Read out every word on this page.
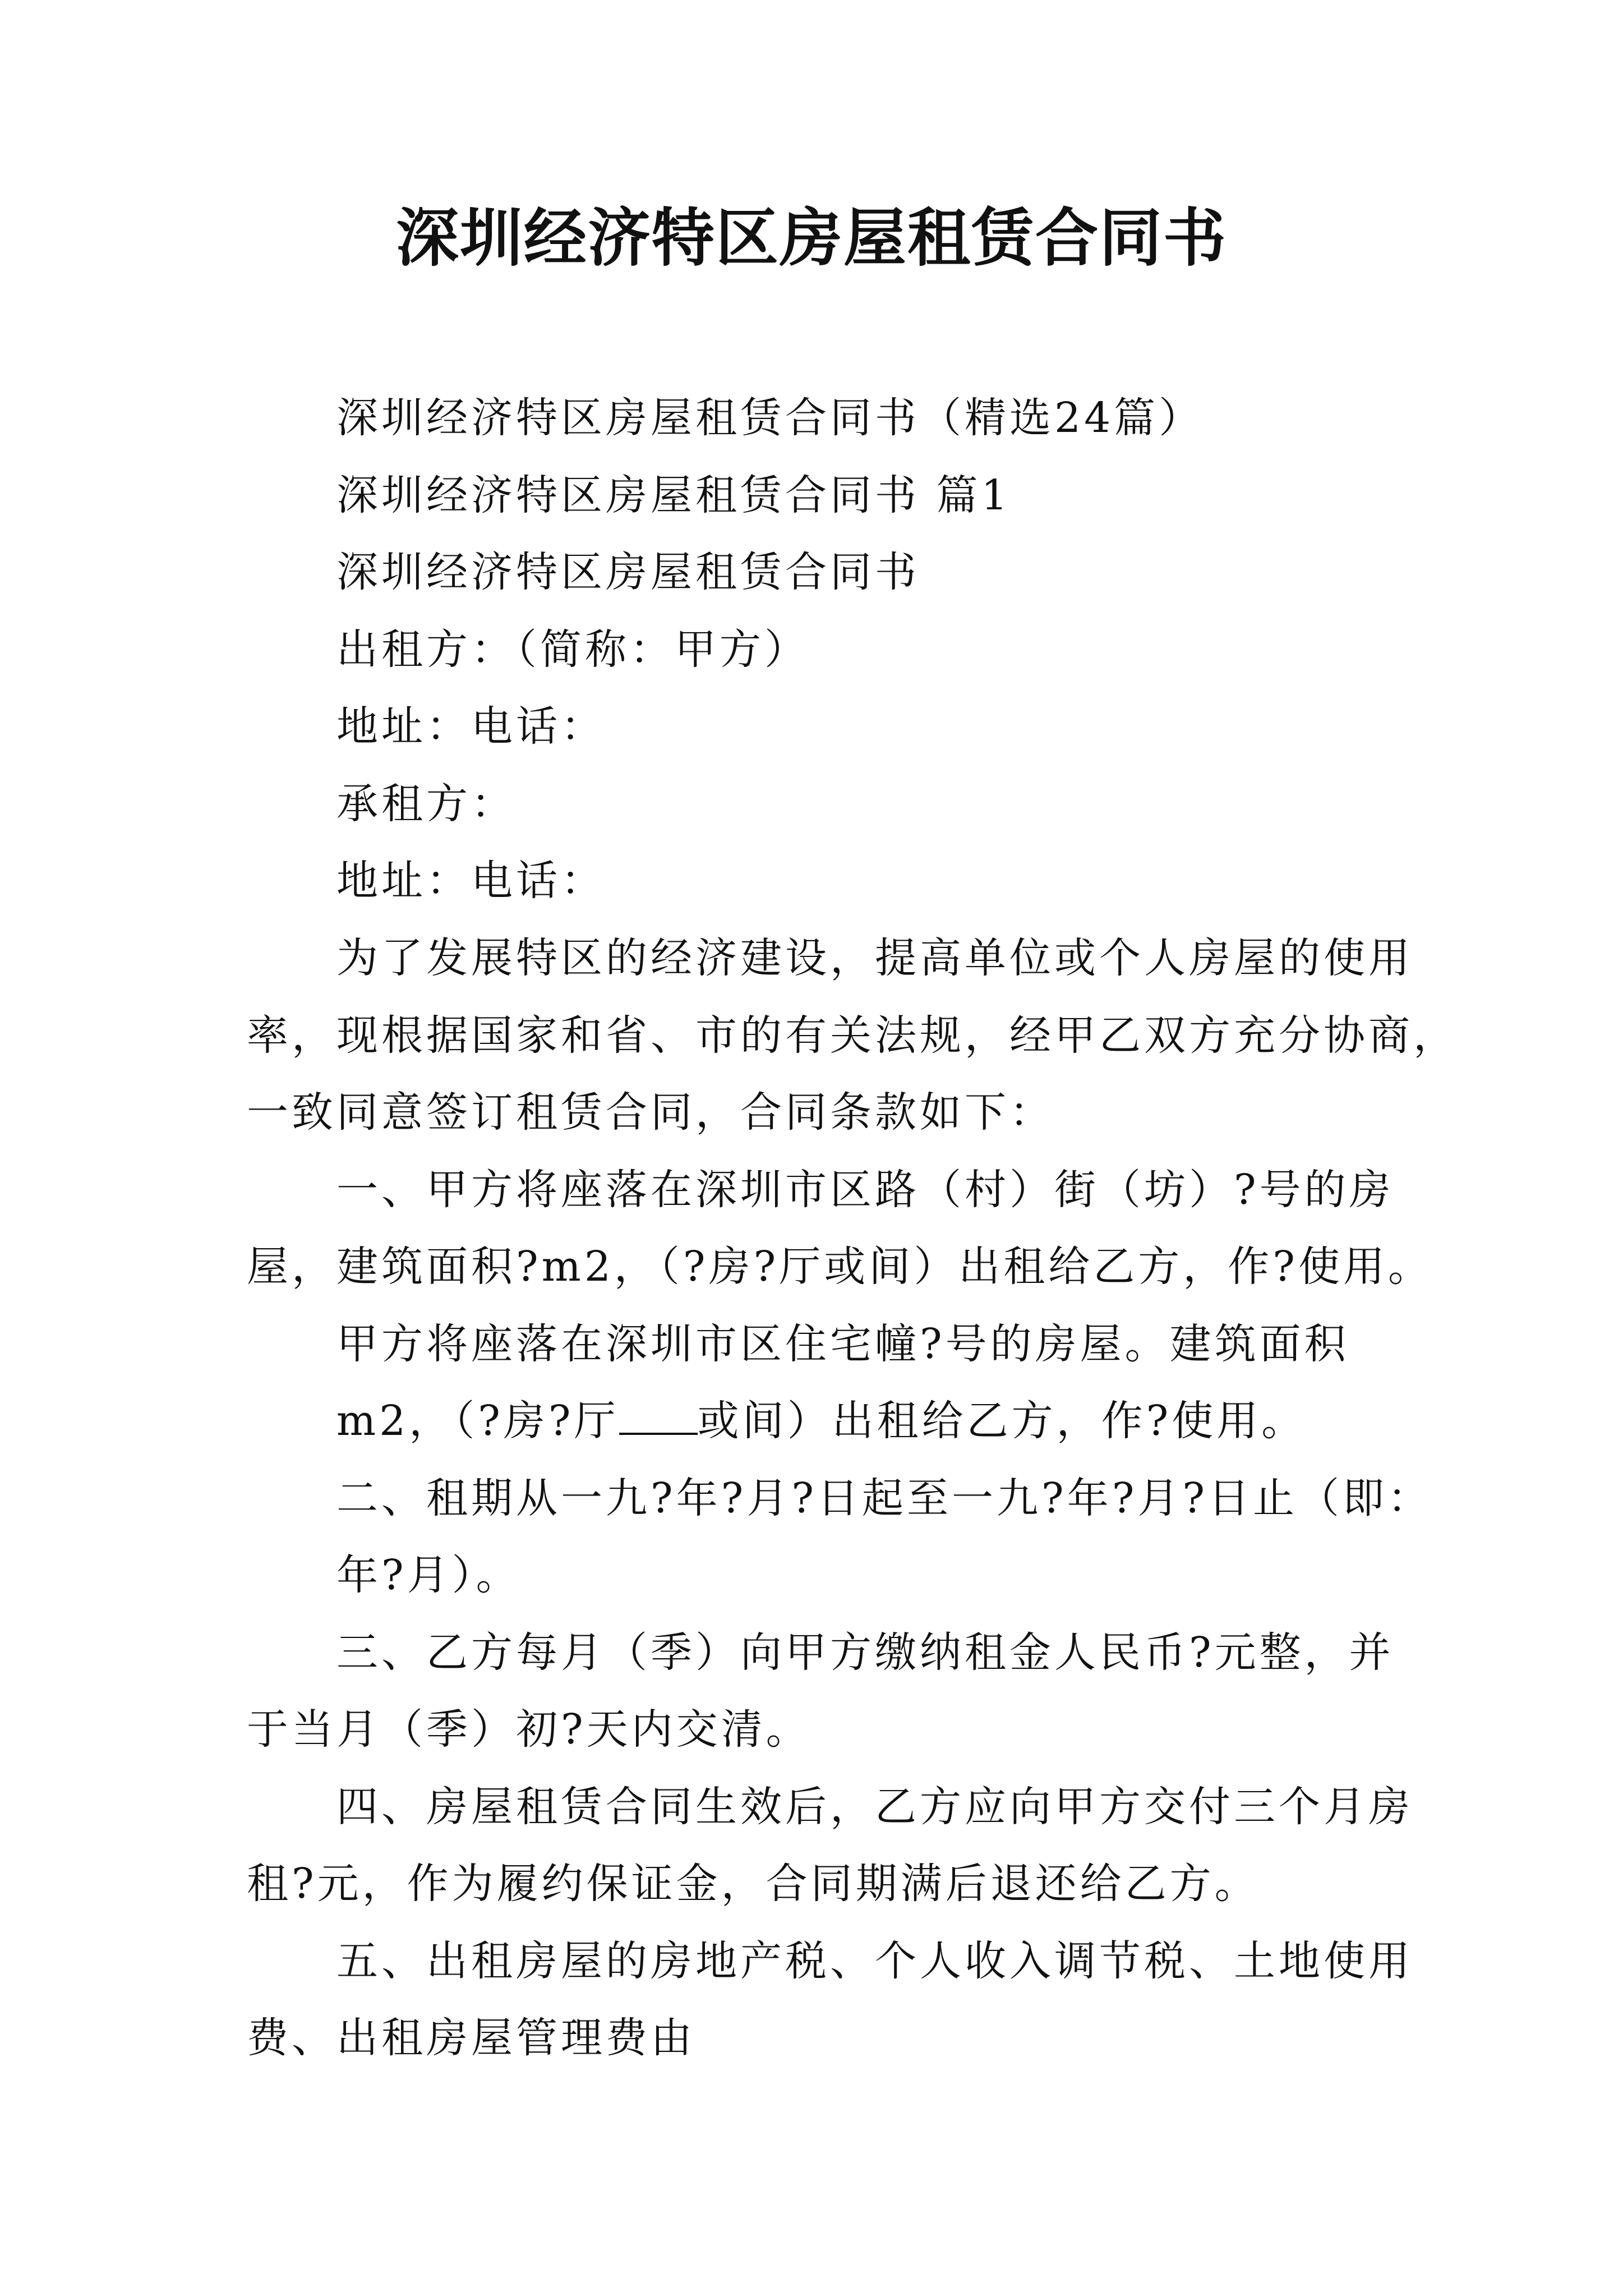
深圳经济特区房屋租赁合同书
深圳经济特区房屋租赁合同书（精选24篇）
深圳经济特区房屋租赁合同书 篇1
深圳经济特区房屋租赁合同书
出租方：（简称：甲方）
地址：电话：
承租方：
地址：电话：
为了发展特区的经济建设，提高单位或个人房屋的使用
率，现根据国家和省、市的有关法规，经甲乙双方充分协商，
一致同意签订租赁合同，合同条款如下：
一、甲方将座落在深圳市区路（村）街（坊）?号的房
屋，建筑面积?m2，（?房?厅或间）出租给乙方，作?使用。
甲方将座落在深圳市区住宅幢?号的房屋。建筑面积
m2，（?房?厅 或间）出租给乙方，作?使用。
二、租期从一九?年?月?日起至一九?年?月?日止（即：
年?月）。
三、乙方每月（季）向甲方缴纳租金人民币?元整，并
于当月（季）初?天内交清。
四、房屋租赁合同生效后，乙方应向甲方交付三个月房
租?元，作为履约保证金，合同期满后退还给乙方。
五、出租房屋的房地产税、个人收入调节税、土地使用
费、出租房屋管理费由
